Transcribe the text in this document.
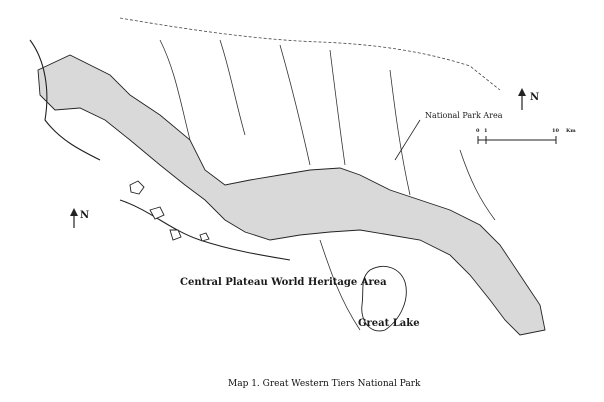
0 1	10 Km
N
N
National Park Area
Central Plateau World Heritage Area
Great Lake
Map 1. Great Western Tiers National Park
